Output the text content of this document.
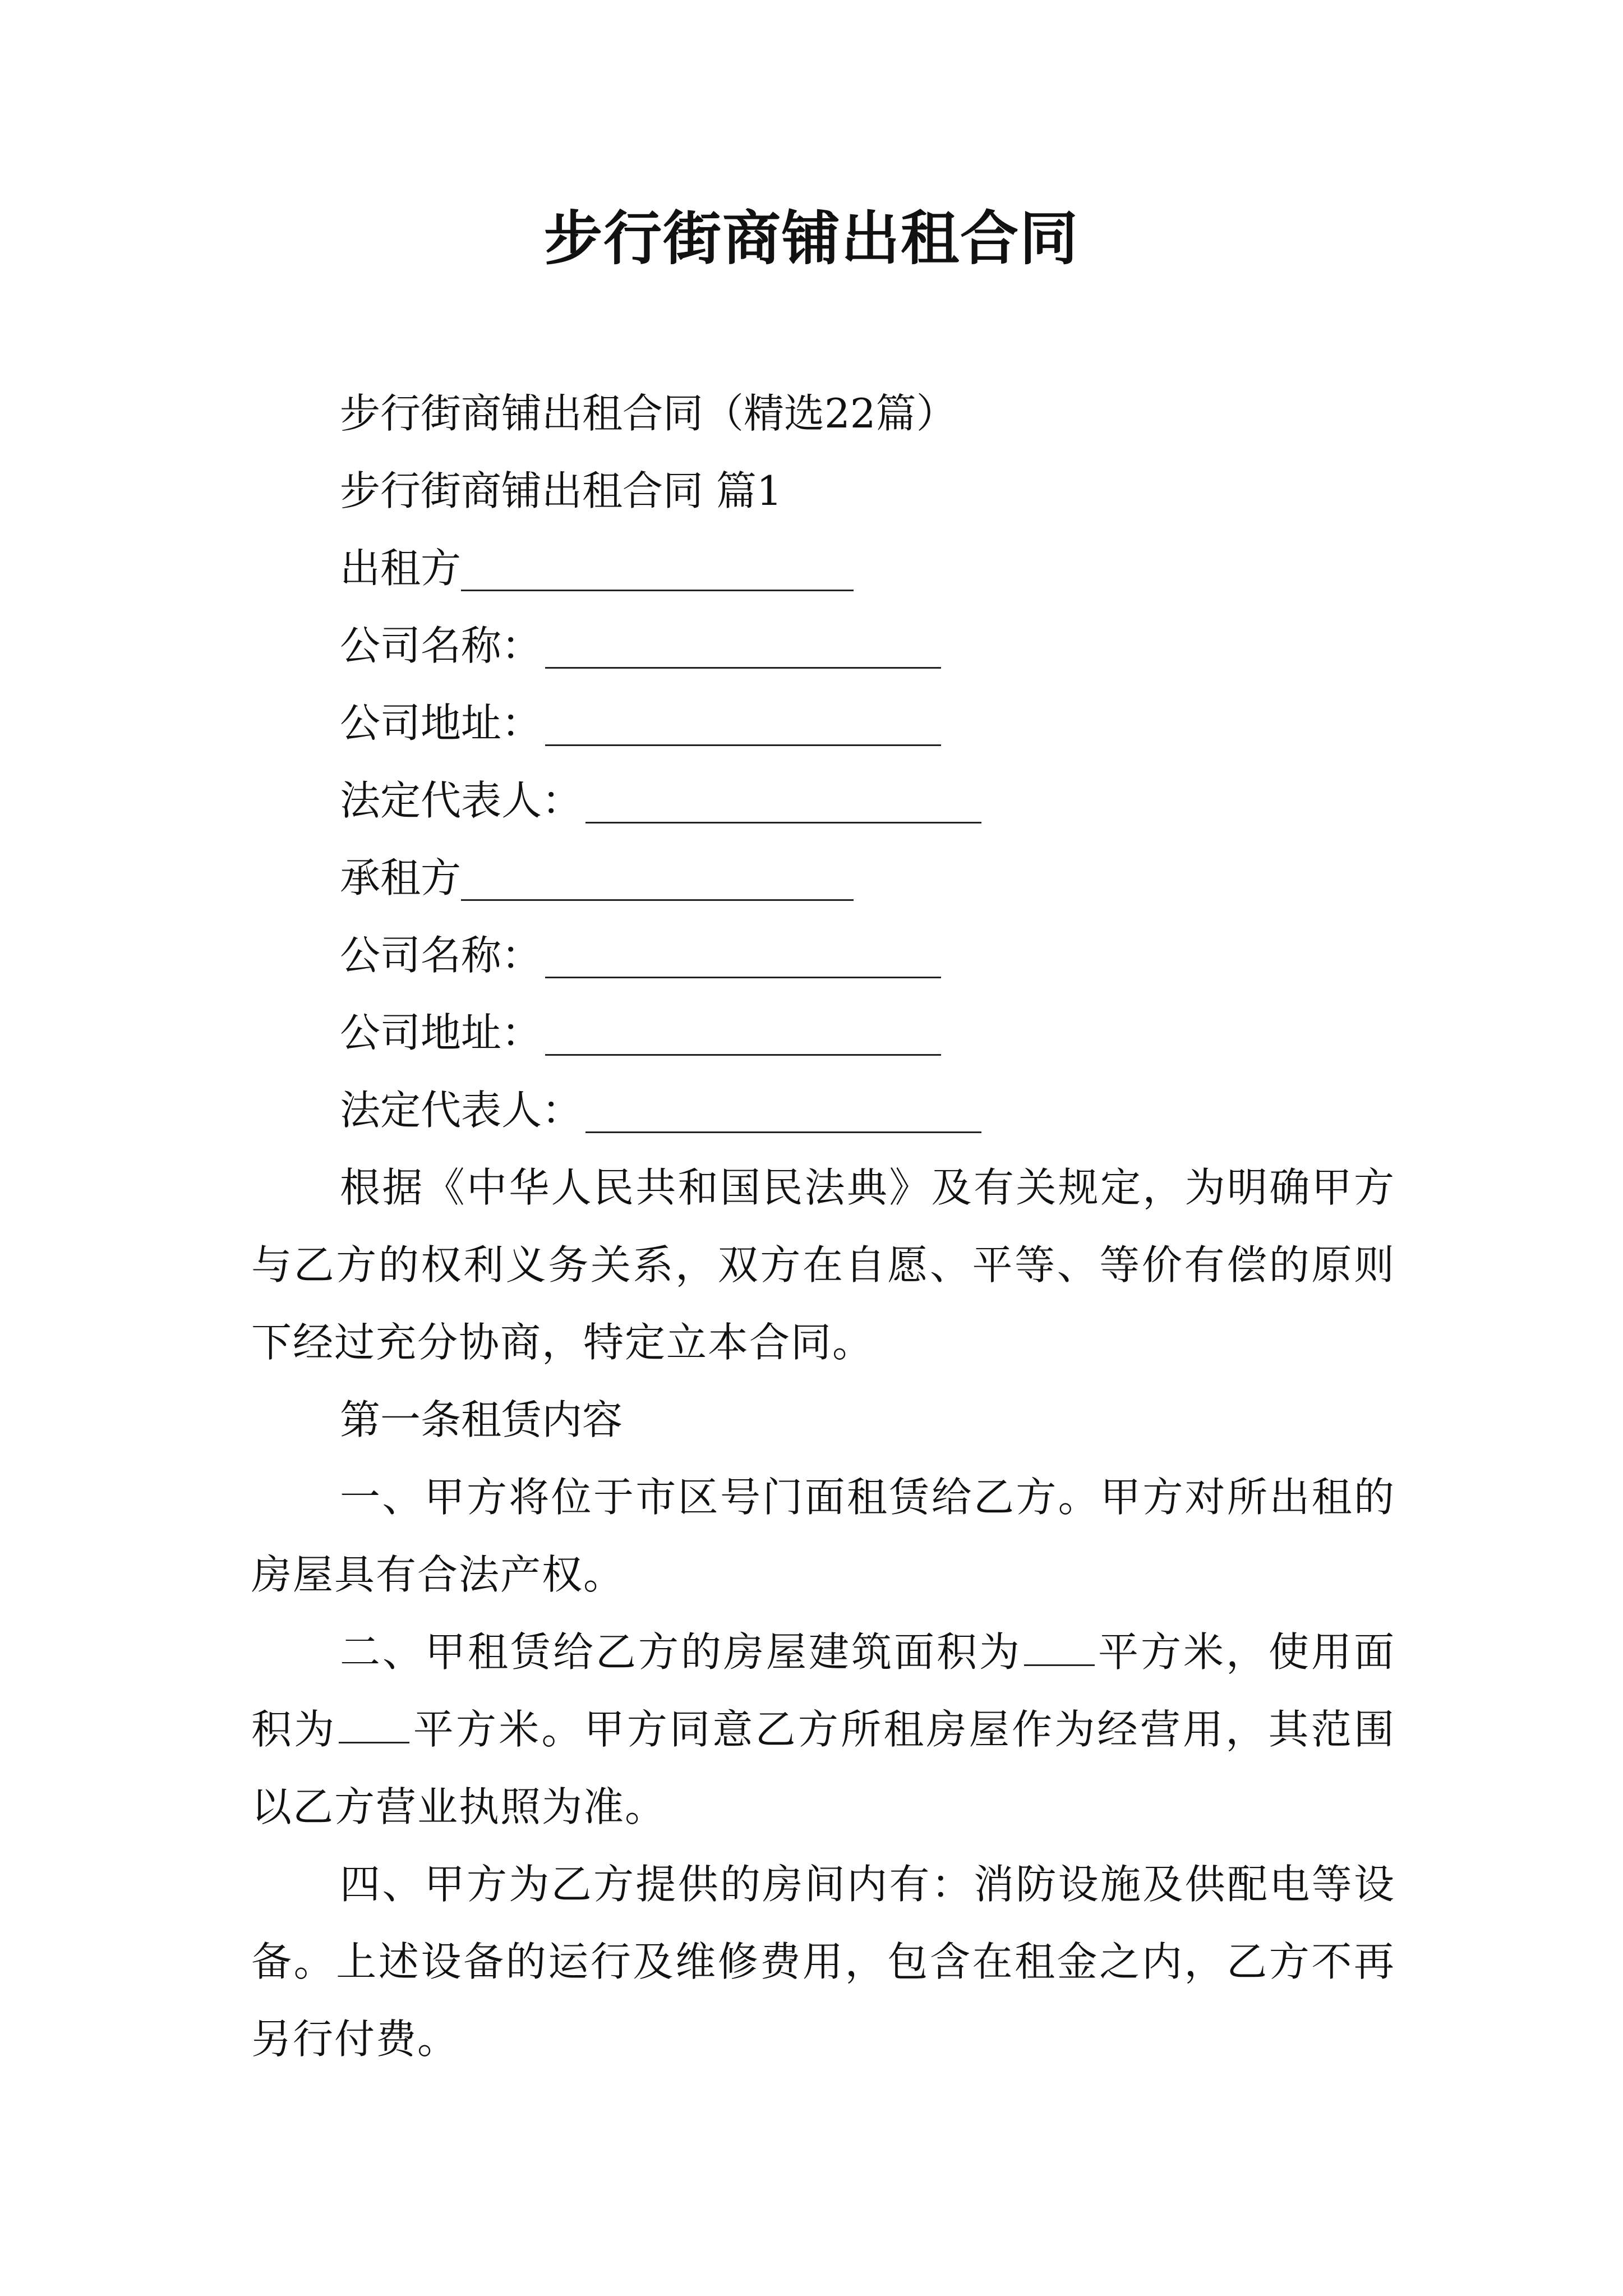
步行街商铺出租合同

步行街商铺出租合同（精选22篇）

步行街商铺出租合同 篇1

出租方
公司名称：
公司地址：
法定代表人：
承租方
公司名称：
公司地址：
法定代表人：

根据《中华人民共和国民法典》及有关规定，为明确甲方与乙方的权利义务关系，双方在自愿、平等、等价有偿的原则下经过充分协商，特定立本合同。

第一条租赁内容

一、甲方将位于市区号门面租赁给乙方。甲方对所出租的房屋具有合法产权。

二、甲租赁给乙方的房屋建筑面积为 平方米，使用面积为 平方米。甲方同意乙方所租房屋作为经营用，其范围以乙方营业执照为准。

四、甲方为乙方提供的房间内有：消防设施及供配电等设备。上述设备的运行及维修费用，包含在租金之内，乙方不再另行付费。
